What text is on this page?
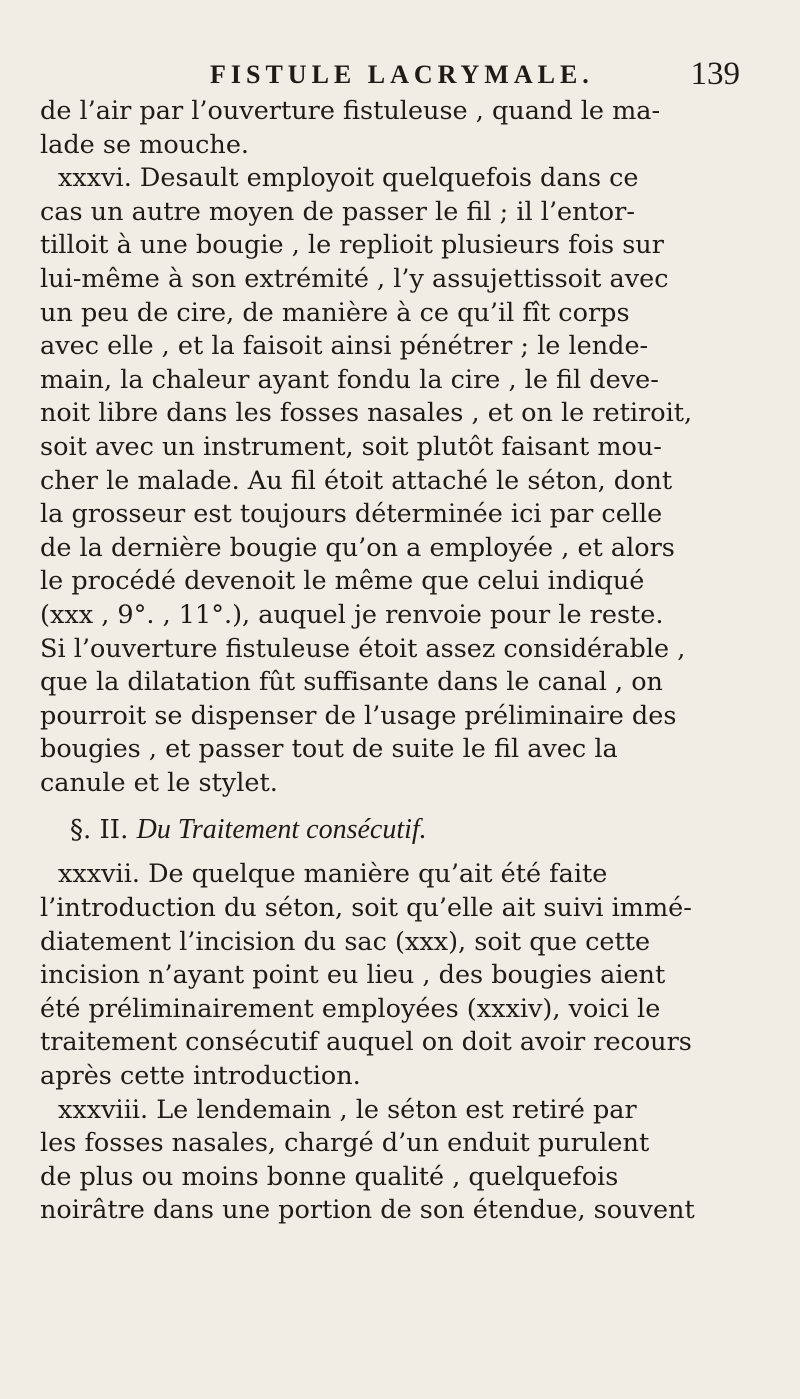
FISTULE LACRYMALE.	139
de l’air par l’ouverture fistuleuse , quand le ma-
lade se mouche.
xxxvi. Desault employoit quelquefois dans ce
cas un autre moyen de passer le fil ; il l’entor-
tilloit à une bougie , le replioit plusieurs fois sur
lui-même à son extrémité , l’y assujettissoit avec
un peu de cire, de manière à ce qu’il fît corps
avec elle , et la faisoit ainsi pénétrer ; le lende-
main, la chaleur ayant fondu la cire , le fil deve-
noit libre dans les fosses nasales , et on le retiroit,
soit avec un instrument, soit plutôt faisant mou-
cher le malade. Au fil étoit attaché le séton, dont
la grosseur est toujours déterminée ici par celle
de la dernière bougie qu’on a employée , et alors
le procédé devenoit le même que celui indiqué
(xxx , 9°. , 11°.), auquel je renvoie pour le reste.
Si l’ouverture fistuleuse étoit assez considérable ,
que la dilatation fût suffisante dans le canal , on
pourroit se dispenser de l’usage préliminaire des
bougies , et passer tout de suite le fil avec la
canule et le stylet.
§. II. Du Traitement consécutif.
xxxvii. De quelque manière qu’ait été faite
l’introduction du séton, soit qu’elle ait suivi immé-
diatement l’incision du sac (xxx), soit que cette
incision n’ayant point eu lieu , des bougies aient
été préliminairement employées (xxxiv), voici le
traitement consécutif auquel on doit avoir recours
après cette introduction.
xxxviii. Le lendemain , le séton est retiré par
les fosses nasales, chargé d’un enduit purulent
de plus ou moins bonne qualité , quelquefois
noirâtre dans une portion de son étendue, souvent
